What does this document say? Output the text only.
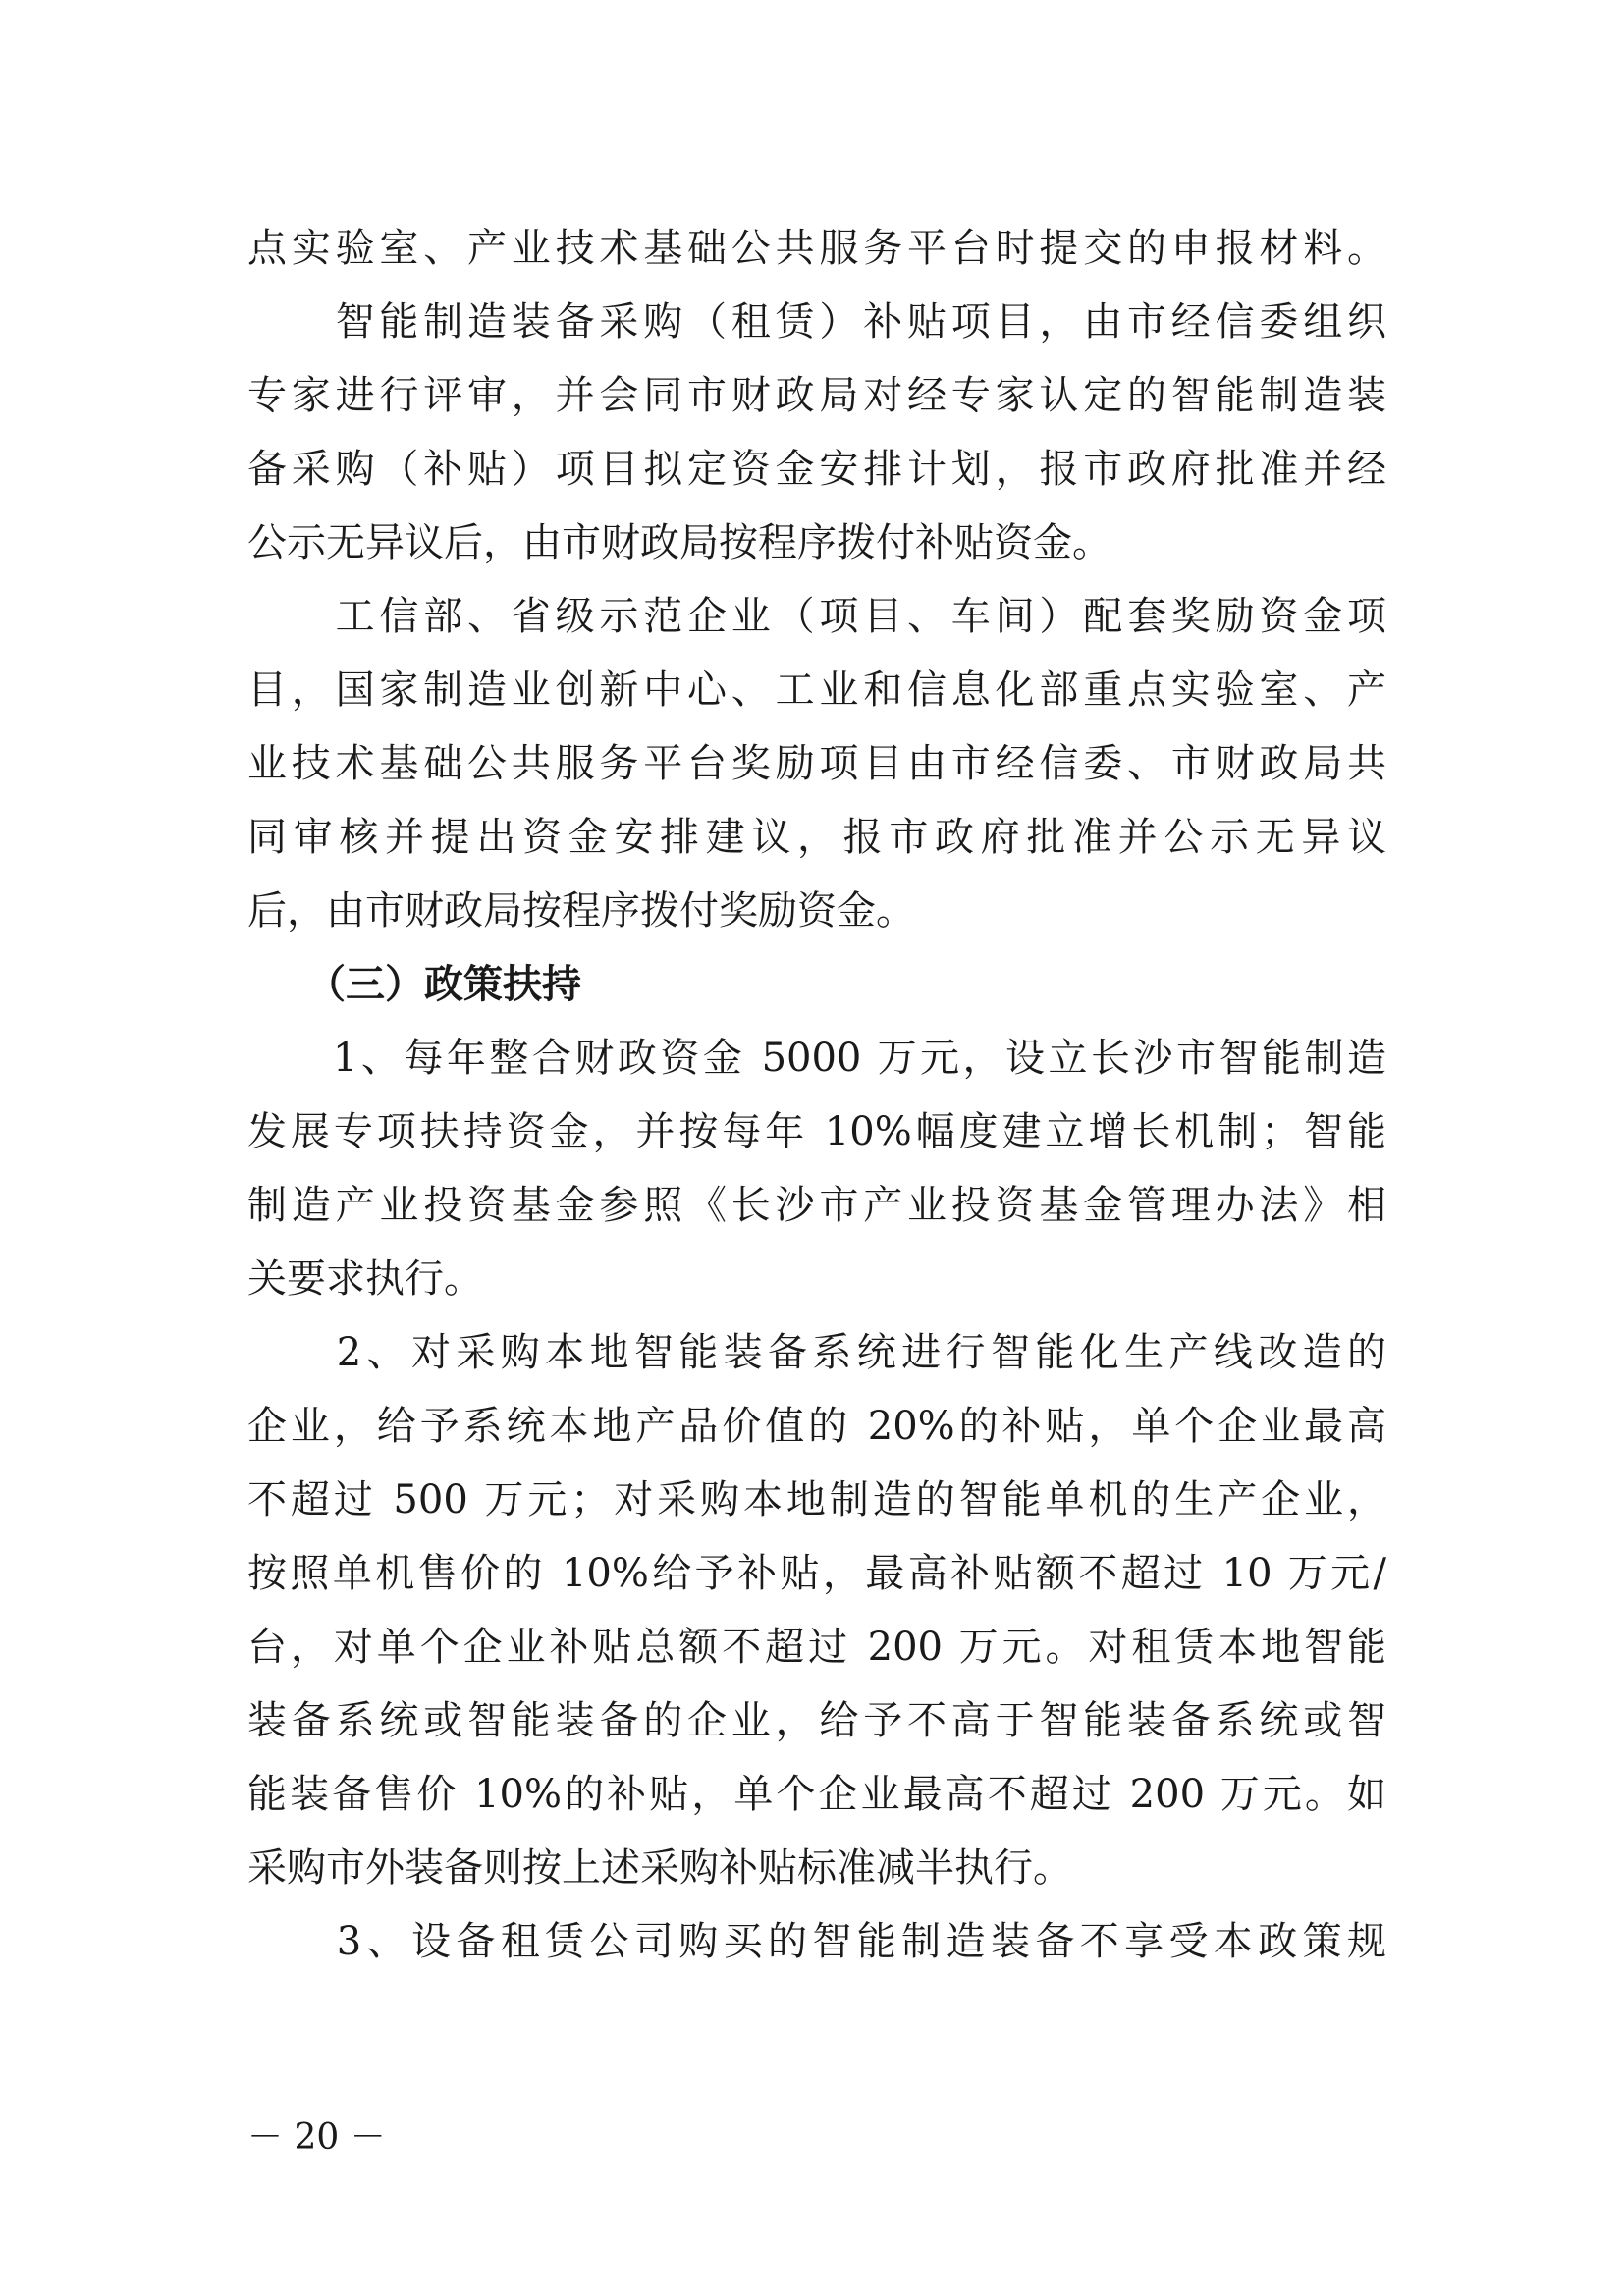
点实验室、产业技术基础公共服务平台时提交的申报材料。
　　智能制造装备采购（租赁）补贴项目，由市经信委组织
专家进行评审，并会同市财政局对经专家认定的智能制造装
备采购（补贴）项目拟定资金安排计划，报市政府批准并经
公示无异议后，由市财政局按程序拨付补贴资金。
　　工信部、省级示范企业（项目、车间）配套奖励资金项
目，国家制造业创新中心、工业和信息化部重点实验室、产
业技术基础公共服务平台奖励项目由市经信委、市财政局共
同审核并提出资金安排建议，报市政府批准并公示无异议
后，由市财政局按程序拨付奖励资金。
　　（三）政策扶持
　　1、每年整合财政资金 5000 万元，设立长沙市智能制造
发展专项扶持资金，并按每年 10%幅度建立增长机制；智能
制造产业投资基金参照《长沙市产业投资基金管理办法》相
关要求执行。
　　2、对采购本地智能装备系统进行智能化生产线改造的
企业，给予系统本地产品价值的 20%的补贴，单个企业最高
不超过 500 万元；对采购本地制造的智能单机的生产企业，
按照单机售价的 10%给予补贴，最高补贴额不超过 10 万元/
台，对单个企业补贴总额不超过 200 万元。对租赁本地智能
装备系统或智能装备的企业，给予不高于智能装备系统或智
能装备售价 10%的补贴，单个企业最高不超过 200 万元。如
采购市外装备则按上述采购补贴标准减半执行。
　　3、设备租赁公司购买的智能制造装备不享受本政策规
－ 20 －
